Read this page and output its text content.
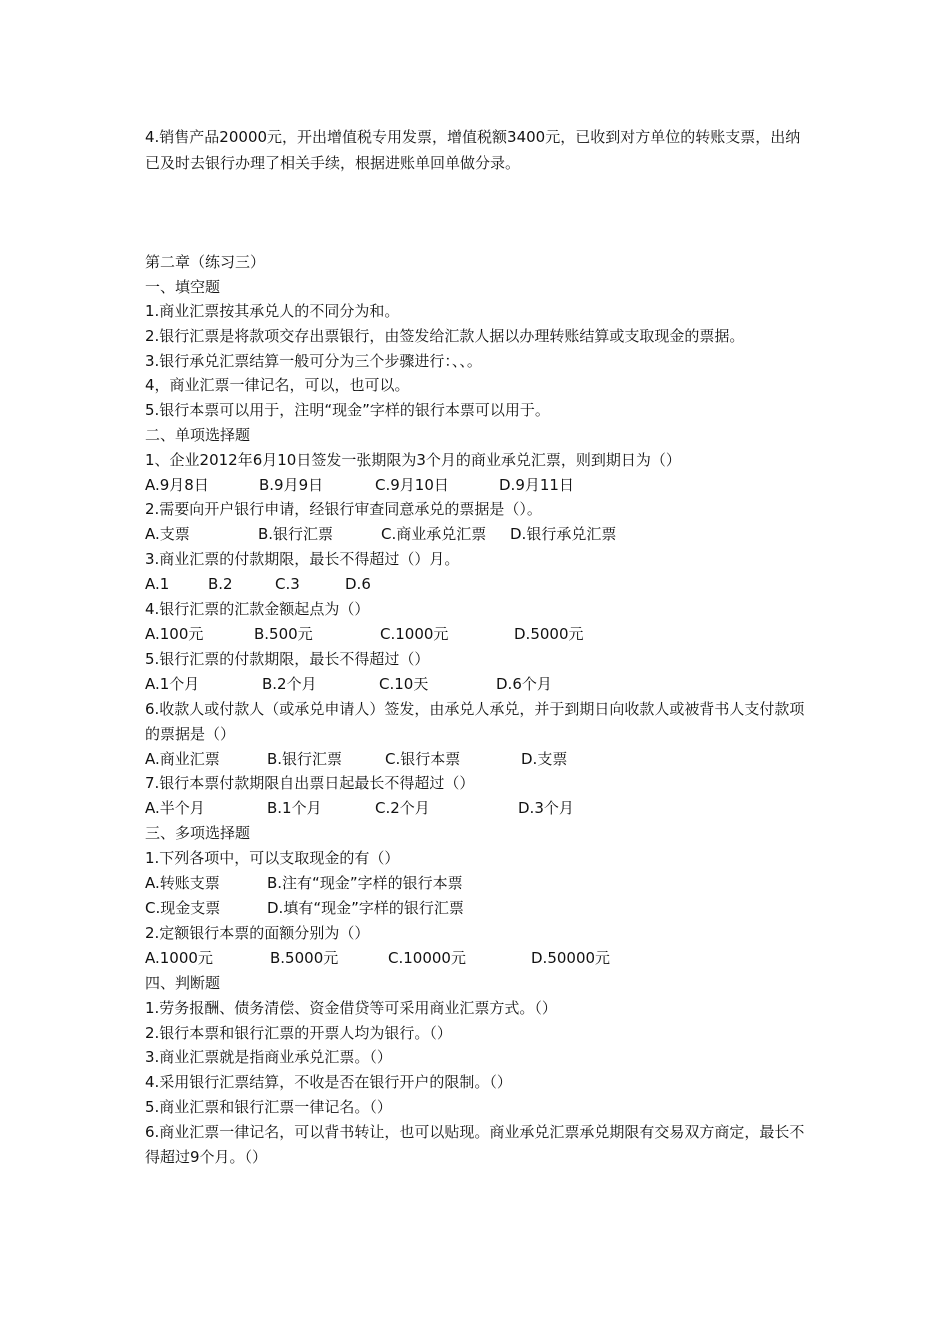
4.销售产品20000元，开出增值税专用发票，增值税额3400元，已收到对方单位的转账支票，出纳已及时去银行办理了相关手续，根据进账单回单做分录。

第二章（练习三）
一、填空题
1.商业汇票按其承兑人的不同分为和。
2.银行汇票是将款项交存出票银行，由签发给汇款人据以办理转账结算或支取现金的票据。
3.银行承兑汇票结算一般可分为三个步骤进行：、、。
4，商业汇票一律记名，可以，也可以。
5.银行本票可以用于，注明“现金”字样的银行本票可以用于。
二、单项选择题
1、企业2012年6月10日签发一张期限为3个月的商业承兑汇票，则到期日为（）
A.9月8日	B.9月9日	C.9月10日	D.9月11日
2.需要向开户银行申请，经银行审查同意承兑的票据是（）。
A.支票	B.银行汇票	C.商业承兑汇票 D.银行承兑汇票
3.商业汇票的付款期限，最长不得超过（）月。
A.1	B.2	C.3	D.6
4.银行汇票的汇款金额起点为（）
A.100元	B.500元	C.1000元	D.5000元
5.银行汇票的付款期限，最长不得超过（）
A.1个月	B.2个月	C.10天	D.6个月

6.收款人或付款人（或承兑申请人）签发，由承兑人承兑，并于到期日向收款人或被背书人支付款项的票据是（）

A.商业汇票	B.银行汇票	C.银行本票	D.支票
7.银行本票付款期限自出票日起最长不得超过（）
A.半个月	B.1个月	C.2个月	D.3个月
三、多项选择题
1.下列各项中，可以支取现金的有（）
A.转账支票	B.注有“现金”字样的银行本票
C.现金支票	D.填有“现金”字样的银行汇票
2.定额银行本票的面额分别为（）
A.1000元	B.5000元	C.10000元	D.50000元
四、判断题
1.劳务报酬、债务清偿、资金借贷等可采用商业汇票方式。（）
2.银行本票和银行汇票的开票人均为银行。（）
3.商业汇票就是指商业承兑汇票。（）
4.采用银行汇票结算，不收是否在银行开户的限制。（）
5.商业汇票和银行汇票一律记名。（）

6.商业汇票一律记名，可以背书转让，也可以贴现。商业承兑汇票承兑期限有交易双方商定，最长不得超过9个月。（）
